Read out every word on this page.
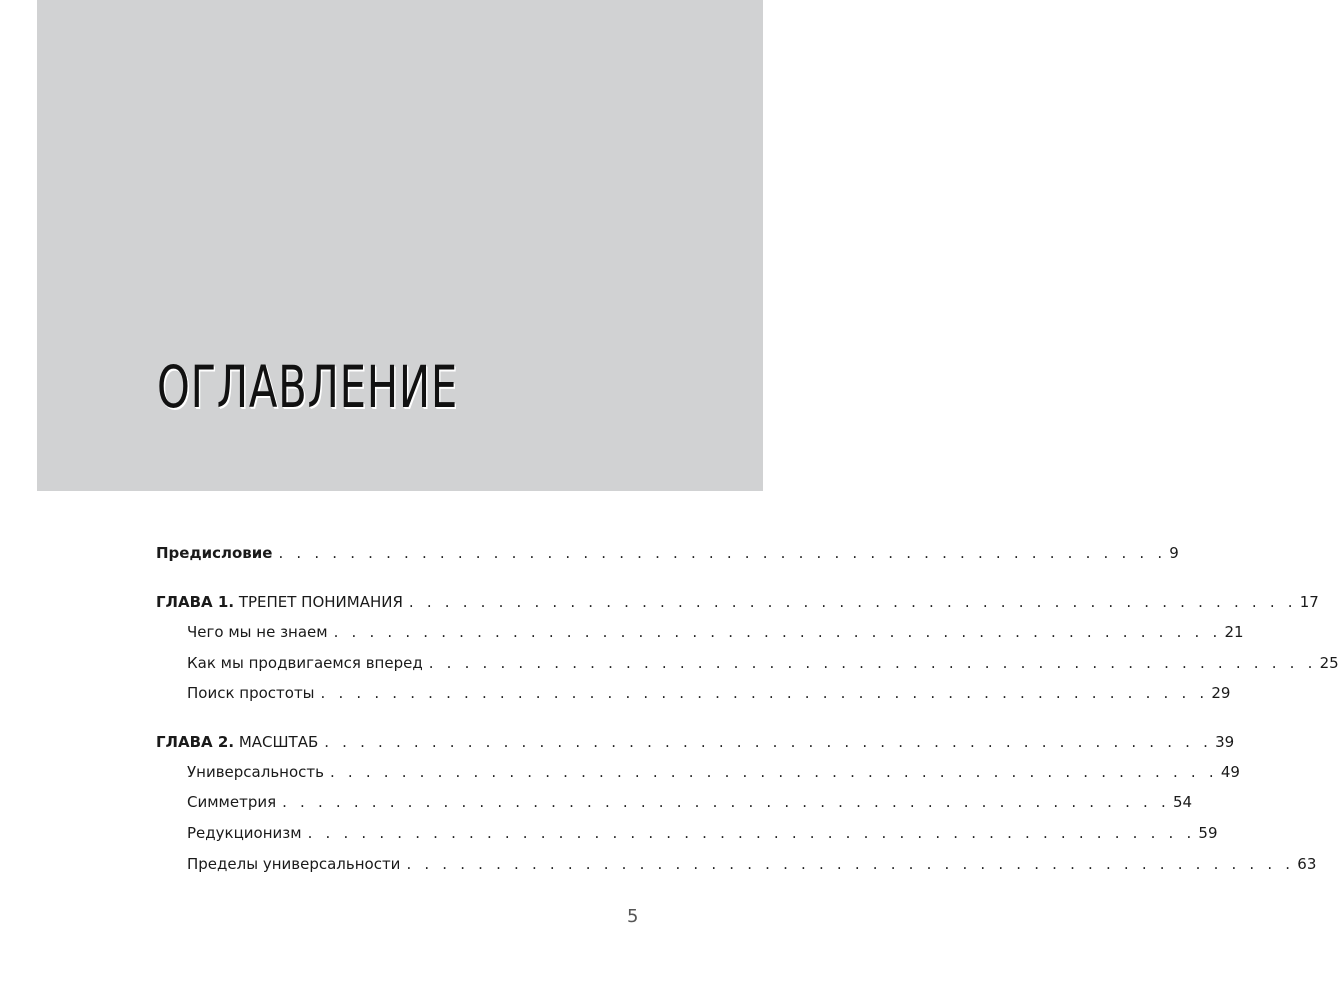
ОГЛАВЛЕНИЕ
Предисловие . . . . . . . . . . . . . . . . . . . . . . . . . . . . . . . . . . . . . . . . . . . . . . . . . . 9
ГЛАВА 1. ТРЕПЕТ ПОНИМАНИЯ . . . . . . . . . . . . . . . . . . . . . . . . . . . . . . . . . . . . . . . . . . . . . . . . . . 17
Чего мы не знаем . . . . . . . . . . . . . . . . . . . . . . . . . . . . . . . . . . . . . . . . . . . . . . . . . . 21
Как мы продвигаемся вперед . . . . . . . . . . . . . . . . . . . . . . . . . . . . . . . . . . . . . . . . . . . . . . . . . . 25
Поиск простоты . . . . . . . . . . . . . . . . . . . . . . . . . . . . . . . . . . . . . . . . . . . . . . . . . . 29
ГЛАВА 2. МАСШТАБ . . . . . . . . . . . . . . . . . . . . . . . . . . . . . . . . . . . . . . . . . . . . . . . . . . 39
Универсальность . . . . . . . . . . . . . . . . . . . . . . . . . . . . . . . . . . . . . . . . . . . . . . . . . . 49
Симметрия . . . . . . . . . . . . . . . . . . . . . . . . . . . . . . . . . . . . . . . . . . . . . . . . . . 54
Редукционизм . . . . . . . . . . . . . . . . . . . . . . . . . . . . . . . . . . . . . . . . . . . . . . . . . . 59
Пределы универсальности . . . . . . . . . . . . . . . . . . . . . . . . . . . . . . . . . . . . . . . . . . . . . . . . . . 63
5
